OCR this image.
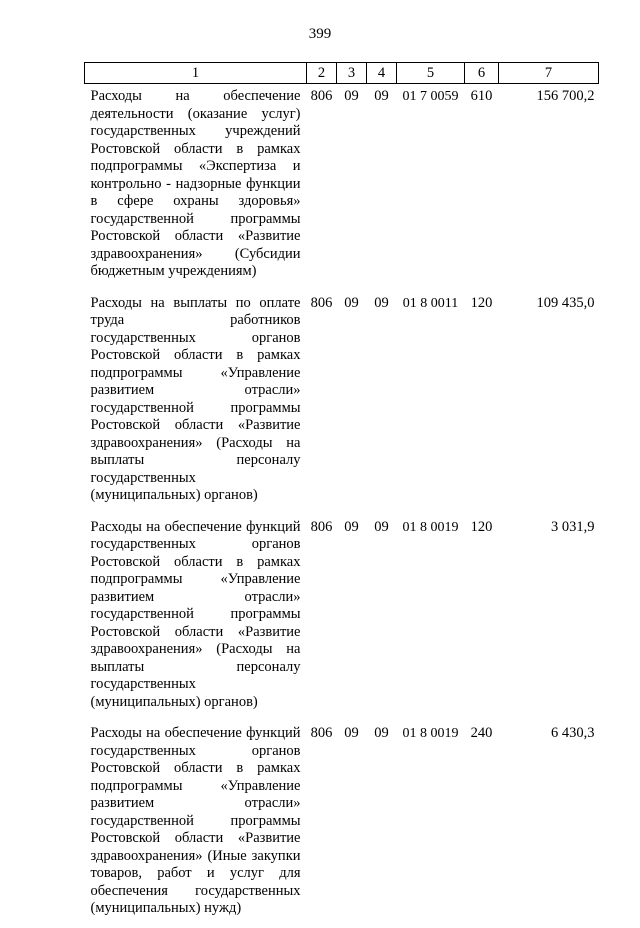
399
1	2	3	4	5	6	7
Расходы на обеспечение деятельности (оказание услуг) государственных учреждений Ростовской области в рамках подпрограммы «Экспертиза и контрольно - надзорные функции в сфере охраны здоровья» государственной программы Ростовской области «Развитие здравоохранения» (Субсидии бюджетным учреждениям)	806	09	09	01 7 0059	610	156 700,2
Расходы на выплаты по оплате труда работников государственных органов Ростовской области в рамках подпрограммы «Управление развитием отрасли» государственной программы Ростовской области «Развитие здравоохранения» (Расходы на выплаты персоналу государственных (муниципальных) органов)	806	09	09	01 8 0011	120	109 435,0
Расходы на обеспечение функций государственных органов Ростовской области в рамках подпрограммы «Управление развитием отрасли» государственной программы Ростовской области «Развитие здравоохранения» (Расходы на выплаты персоналу государственных (муниципальных) органов)	806	09	09	01 8 0019	120	3 031,9
Расходы на обеспечение функций государственных органов Ростовской области в рамках подпрограммы «Управление развитием отрасли» государственной программы Ростовской области «Развитие здравоохранения» (Иные закупки товаров, работ и услуг для обеспечения государственных (муниципальных) нужд)	806	09	09	01 8 0019	240	6 430,3
